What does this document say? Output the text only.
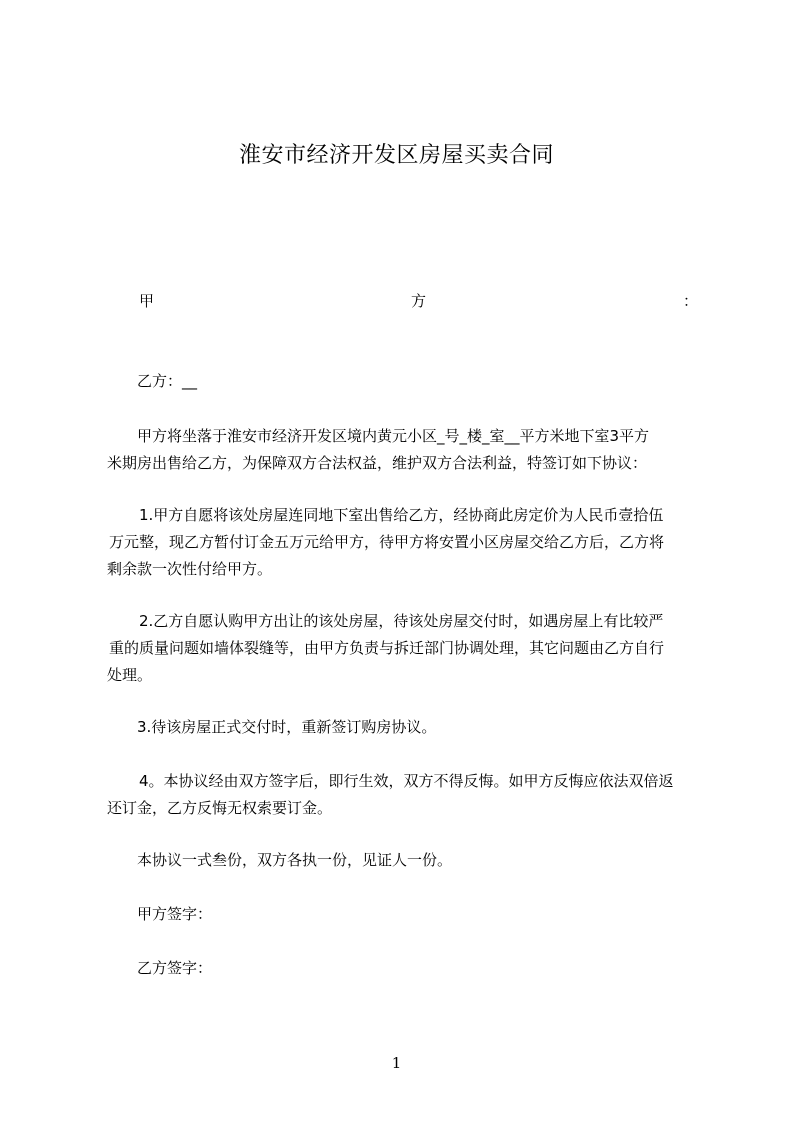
淮安市经济开发区房屋买卖合同
甲	方	：
乙方：__
甲方将坐落于淮安市经济开发区境内黄元小区_号_楼_室__平方米地下室3平方
米期房出售给乙方，为保障双方合法权益，维护双方合法利益，特签订如下协议：
1.甲方自愿将该处房屋连同地下室出售给乙方，经协商此房定价为人民币壹拾伍
万元整，现乙方暂付订金五万元给甲方，待甲方将安置小区房屋交给乙方后，乙方将
剩余款一次性付给甲方。
2.乙方自愿认购甲方出让的该处房屋，待该处房屋交付时，如遇房屋上有比较严
重的质量问题如墙体裂缝等，由甲方负责与拆迁部门协调处理，其它问题由乙方自行
处理。
3.待该房屋正式交付时，重新签订购房协议。
4。本协议经由双方签字后，即行生效，双方不得反悔。如甲方反悔应依法双倍返
还订金，乙方反悔无权索要订金。
本协议一式叁份，双方各执一份，见证人一份。
甲方签字：
乙方签字：
1
